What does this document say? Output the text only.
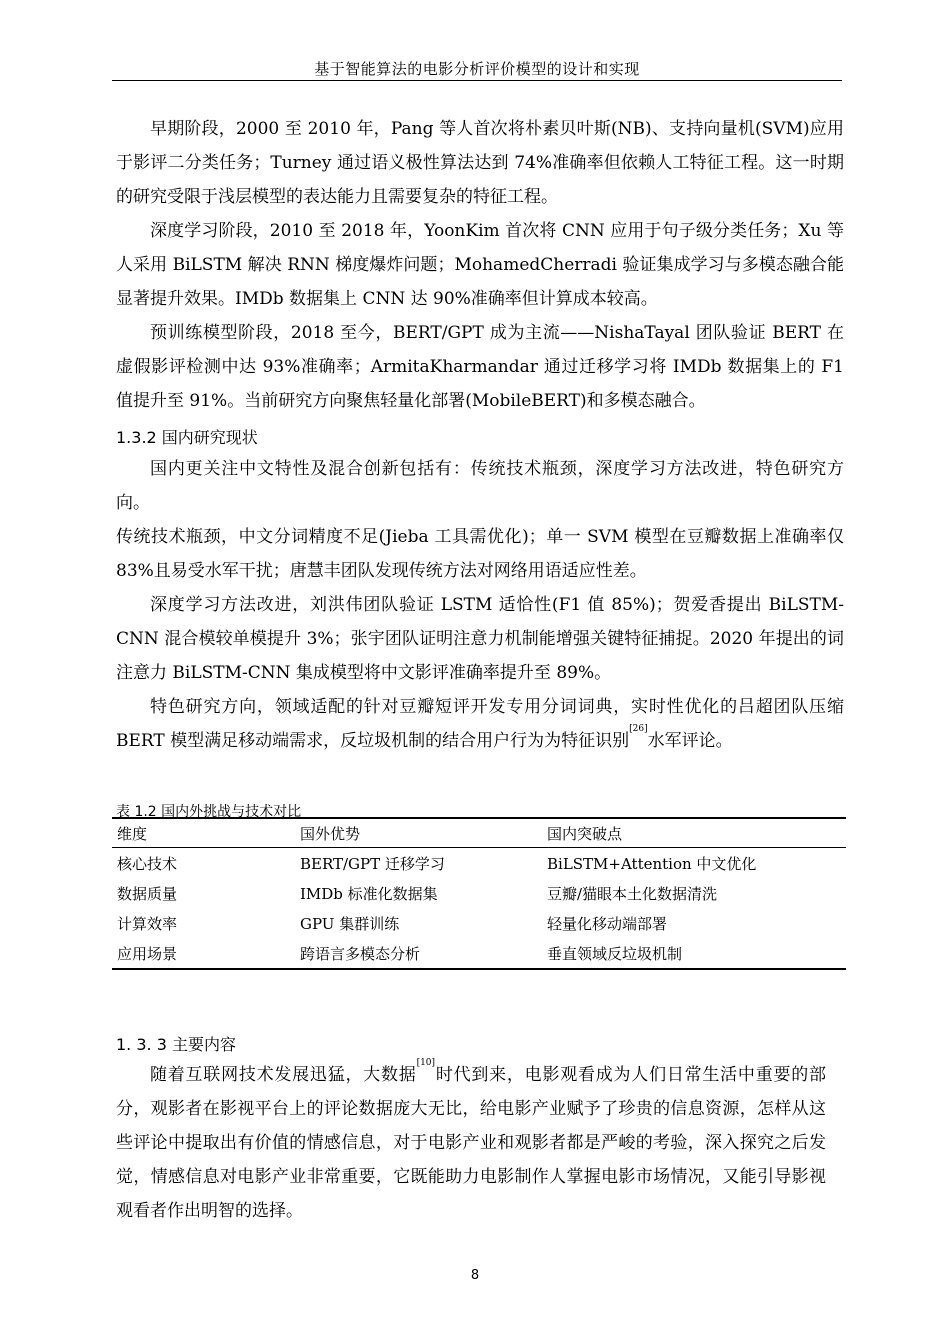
基于智能算法的电影分析评价模型的设计和实现

早期阶段，2000 至 2010 年，Pang 等人首次将朴素贝叶斯(NB)、支持向量机(SVM)应用于影评二分类任务；Turney 通过语义极性算法达到 74%准确率但依赖人工特征工程。这一时期的研究受限于浅层模型的表达能力且需要复杂的特征工程。

深度学习阶段，2010 至 2018 年，YoonKim 首次将 CNN 应用于句子级分类任务；Xu 等人采用 BiLSTM 解决 RNN 梯度爆炸问题；MohamedCherradi 验证集成学习与多模态融合能显著提升效果。IMDb 数据集上 CNN 达 90%准确率但计算成本较高。

预训练模型阶段，2018 至今，BERT/GPT 成为主流——NishaTayal 团队验证 BERT 在虚假影评检测中达 93%准确率；ArmitaKharmandar 通过迁移学习将 IMDb 数据集上的 F1 值提升至 91%。当前研究方向聚焦轻量化部署(MobileBERT)和多模态融合。

1.3.2 国内研究现状

国内更关注中文特性及混合创新包括有：传统技术瓶颈，深度学习方法改进，特色研究方向。

传统技术瓶颈，中文分词精度不足(Jieba 工具需优化)；单一 SVM 模型在豆瓣数据上准确率仅 83%且易受水军干扰；唐慧丰团队发现传统方法对网络用语适应性差。

深度学习方法改进，刘洪伟团队验证 LSTM 适恰性(F1 值 85%)；贺爱香提出 BiLSTM-CNN 混合模较单模提升 3%；张宇团队证明注意力机制能增强关键特征捕捉。2020 年提出的词注意力 BiLSTM-CNN 集成模型将中文影评准确率提升至 89%。

特色研究方向，领域适配的针对豆瓣短评开发专用分词词典，实时性优化的吕超团队压缩 BERT 模型满足移动端需求，反垃圾机制的结合用户行为为特征识别[26]水军评论。

表 1.2 国内外挑战与技术对比
维度	国外优势	国内突破点
核心技术	BERT/GPT 迁移学习	BiLSTM+Attention 中文优化
数据质量	IMDb 标准化数据集	豆瓣/猫眼本土化数据清洗
计算效率	GPU 集群训练	轻量化移动端部署
应用场景	跨语言多模态分析	垂直领域反垃圾机制
1. 3. 3 主要内容

随着互联网技术发展迅猛，大数据[10]时代到来，电影观看成为人们日常生活中重要的部分，观影者在影视平台上的评论数据庞大无比，给电影产业赋予了珍贵的信息资源，怎样从这些评论中提取出有价值的情感信息，对于电影产业和观影者都是严峻的考验，深入探究之后发觉，情感信息对电影产业非常重要，它既能助力电影制作人掌握电影市场情况，又能引导影视观看者作出明智的选择。

8
